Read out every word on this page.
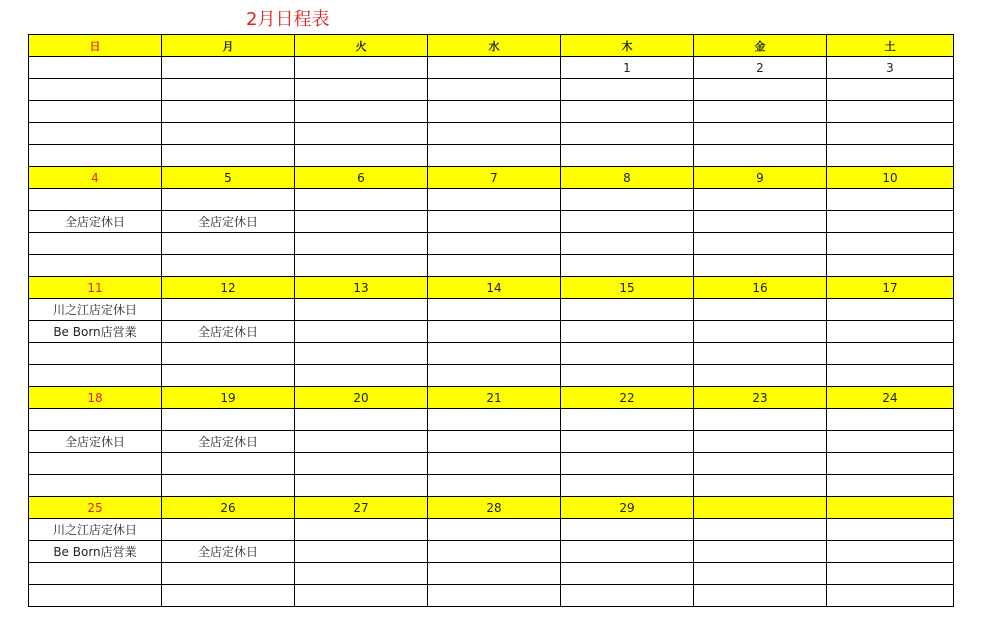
2月日程表
日	月	火	水	木	金	土
				1	2	3

4	5	6	7	8	9	10

全店定休日	全店定休日					

11	12	13	14	15	16	17
川之江店定休日						
Be Born店営業	全店定休日					

18	19	20	21	22	23	24

全店定休日	全店定休日					

25	26	27	28	29		
川之江店定休日						
Be Born店営業	全店定休日					
